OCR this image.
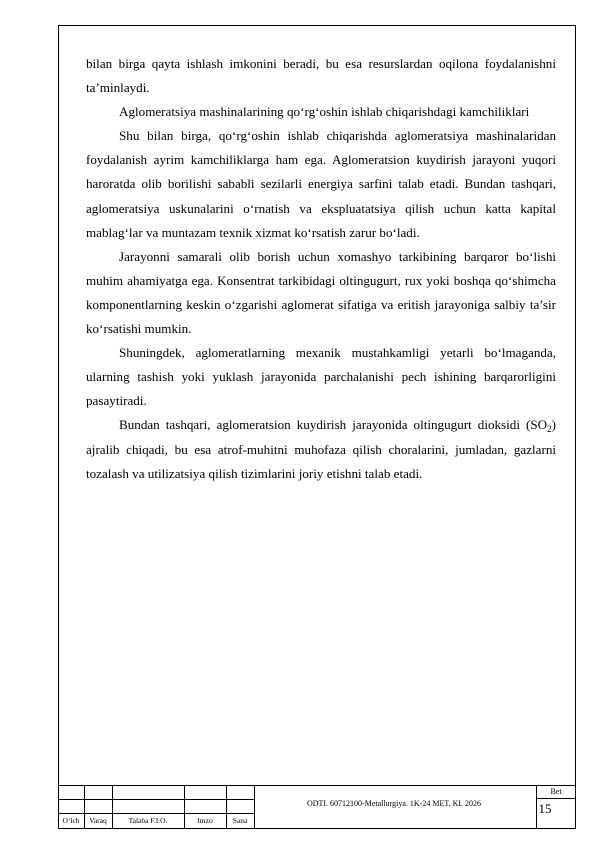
bilan birga qayta ishlash imkonini beradi, bu esa resurslardan oqilona foydalanishni ta’minlaydi.

Aglomeratsiya mashinalarining qo‘rg‘oshin ishlab chiqarishdagi kamchiliklari

Shu bilan birga, qo‘rg‘oshin ishlab chiqarishda aglomeratsiya mashinalaridan foydalanish ayrim kamchiliklarga ham ega. Aglomeratsion kuydirish jarayoni yuqori haroratda olib borilishi sababli sezilarli energiya sarfini talab etadi. Bundan tashqari, aglomeratsiya uskunalarini o‘rnatish va ekspluatatsiya qilish uchun katta kapital mablag‘lar va muntazam texnik xizmat ko‘rsatish zarur bo‘ladi.

Jarayonni samarali olib borish uchun xomashyo tarkibining barqaror bo‘lishi muhim ahamiyatga ega. Konsentrat tarkibidagi oltingugurt, rux yoki boshqa qo‘shimcha komponentlarning keskin o‘zgarishi aglomerat sifatiga va eritish jarayoniga salbiy ta’sir ko‘rsatishi mumkin.

Shuningdek, aglomeratlarning mexanik mustahkamligi yetarli bo‘lmaganda, ularning tashish yoki yuklash jarayonida parchalanishi pech ishining barqarorligini pasaytiradi.

Bundan tashqari, aglomeratsion kuydirish jarayonida oltingugurt dioksidi $(SO_2)$ ajralib chiqadi, bu esa atrof-muhitni muhofaza qilish choralarini, jumladan, gazlarni tozalash va utilizatsiya qilish tizimlarini joriy etishni talab etadi.

O‘lch	Varaq	Talaba F.I.O.	Imzo	Sana
ODTI. 60712100-Metallurgiya. 1K-24 MET. KI. 2026
Bet
15
